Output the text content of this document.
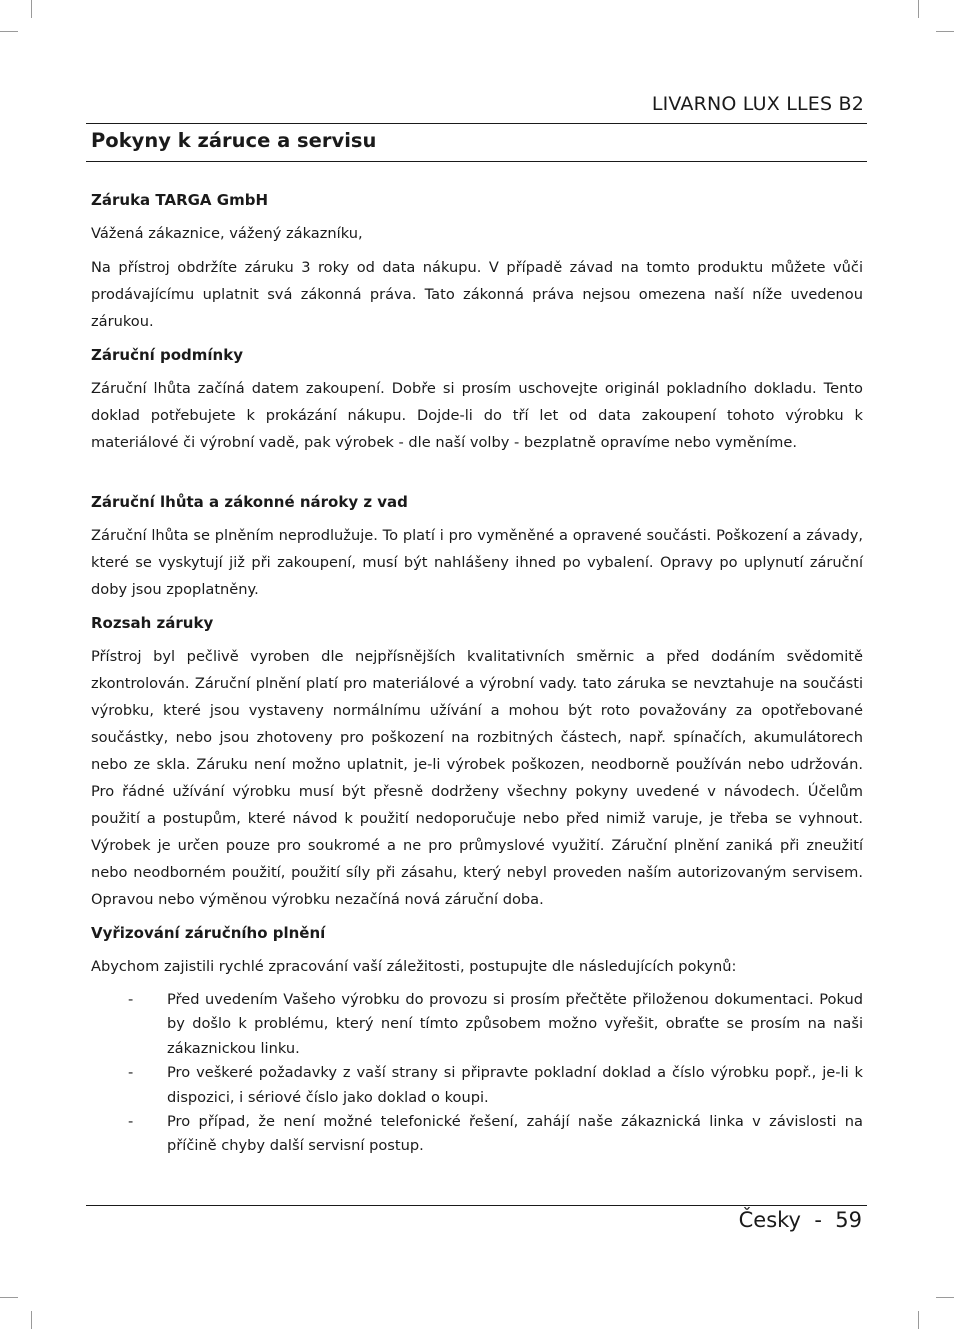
LIVARNO LUX LLES B2
Pokyny k záruce a servisu
Záruka TARGA GmbH

Vážená zákaznice, vážený zákazníku,

Na přístroj obdržíte záruku 3 roky od data nákupu. V případě závad na tomto produktu můžete vůči prodávajícímu uplatnit svá zákonná práva. Tato zákonná práva nejsou omezena naší níže uvedenou zárukou.

Záruční podmínky

Záruční lhůta začíná datem zakoupení. Dobře si prosím uschovejte originál pokladního dokladu. Tento doklad potřebujete k prokázání nákupu. Dojde-li do tří let od data zakoupení tohoto výrobku k materiálové či výrobní vadě, pak výrobek - dle naší volby - bezplatně opravíme nebo vyměníme.

Záruční lhůta a zákonné nároky z vad

Záruční lhůta se plněním neprodlužuje. To platí i pro vyměněné a opravené součásti. Poškození a závady, které se vyskytují již při zakoupení, musí být nahlášeny ihned po vybalení. Opravy po uplynutí záruční doby jsou zpoplatněny.

Rozsah záruky

Přístroj byl pečlivě vyroben dle nejpřísnějších kvalitativních směrnic a před dodáním svědomitě zkontrolován. Záruční plnění platí pro materiálové a výrobní vady. tato záruka se nevztahuje na součásti výrobku, které jsou vystaveny normálnímu užívání a mohou být roto považovány za opotřebované součástky, nebo jsou zhotoveny pro poškození na rozbitných částech, např. spínačích, akumulátorech nebo ze skla. Záruku není možno uplatnit, je-li výrobek poškozen, neodborně používán nebo udržován. Pro řádné užívání výrobku musí být přesně dodrženy všechny pokyny uvedené v návodech. Účelům použití a postupům, které návod k použití nedoporučuje nebo před nimiž varuje, je třeba se vyhnout. Výrobek je určen pouze pro soukromé a ne pro průmyslové využití. Záruční plnění zaniká při zneužití nebo neodborném použití, použití síly při zásahu, který nebyl proveden naším autorizovaným servisem. Opravou nebo výměnou výrobku nezačíná nová záruční doba.

Vyřizování záručního plnění

Abychom zajistili rychlé zpracování vaší záležitosti, postupujte dle následujících pokynů:

- Před uvedením Vašeho výrobku do provozu si prosím přečtěte přiloženou dokumentaci. Pokud by došlo k problému, který není tímto způsobem možno vyřešit, obraťte se prosím na naši zákaznickou linku.
- Pro veškeré požadavky z vaší strany si připravte pokladní doklad a číslo výrobku popř., je-li k dispozici, i sériové číslo jako doklad o koupi.
- Pro případ, že není možné telefonické řešení, zahájí naše zákaznická linka v závislosti na příčině chyby další servisní postup.
Česky  -  59
